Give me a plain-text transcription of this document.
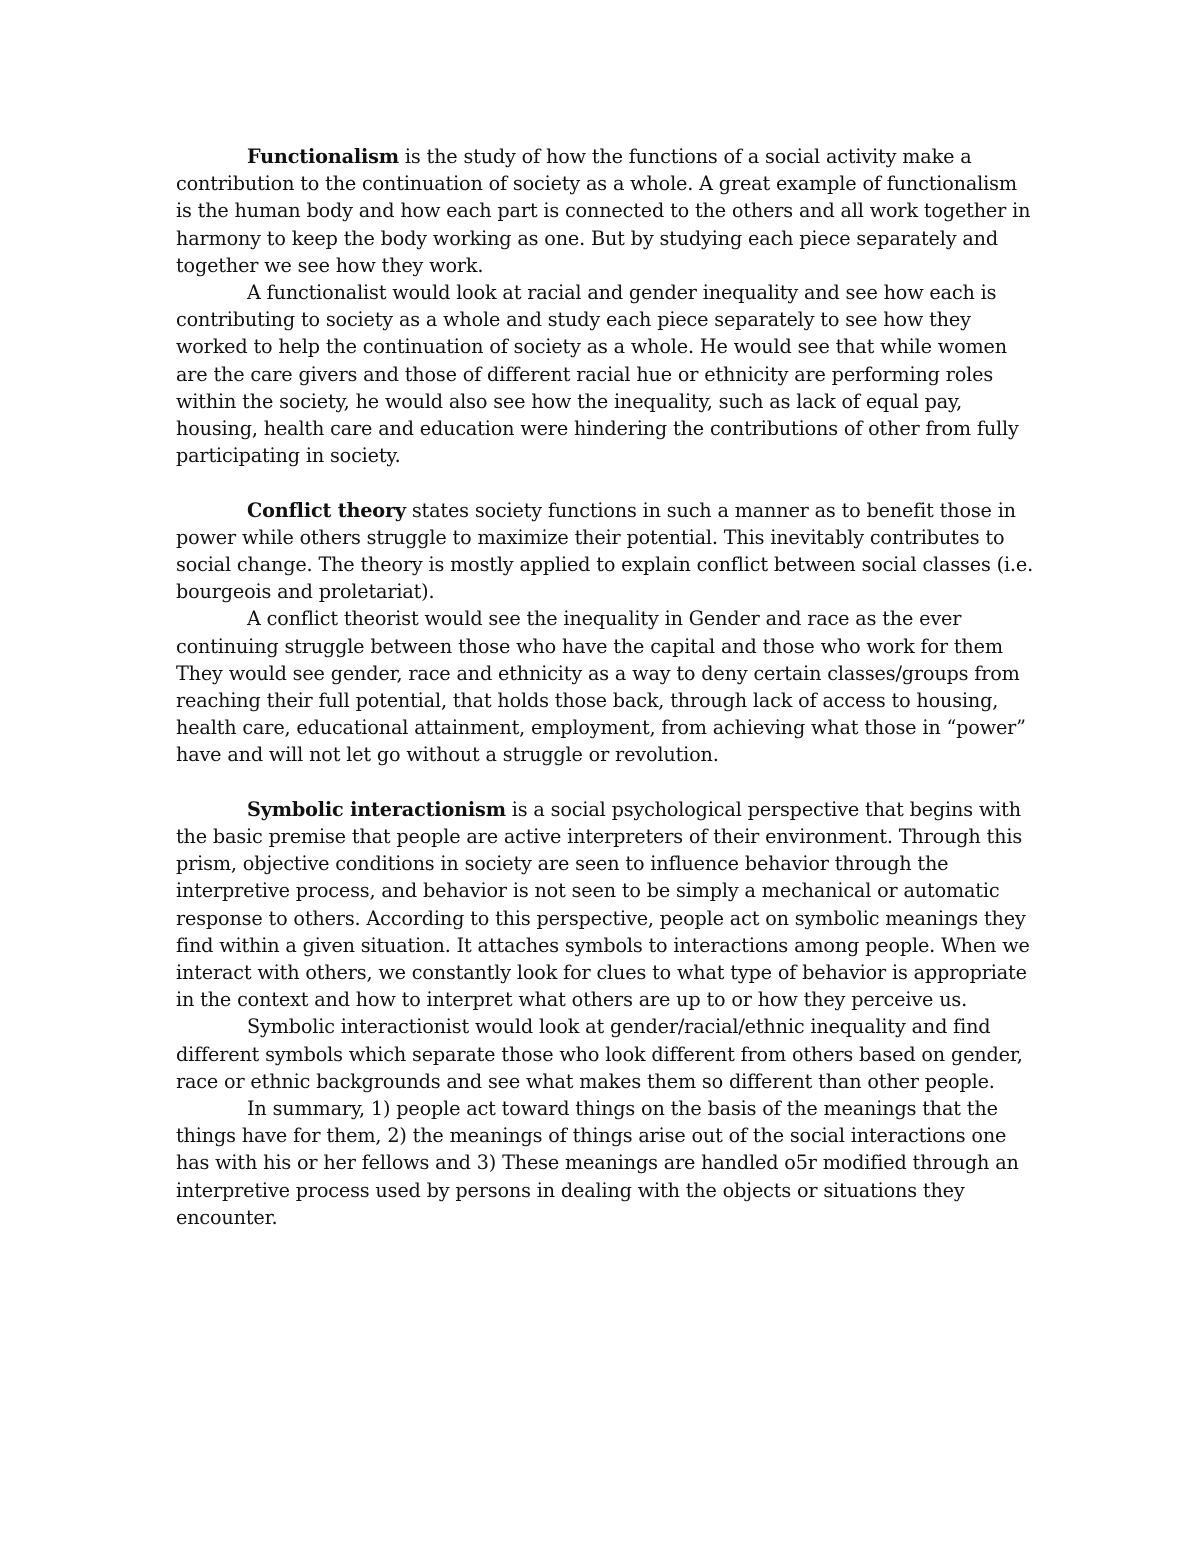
Functionalism is the study of how the functions of a social activity make a contribution to the continuation of society as a whole. A great example of functionalism is the human body and how each part is connected to the others and all work together in harmony to keep the body working as one. But by studying each piece separately and together we see how they work.

A functionalist would look at racial and gender inequality and see how each is contributing to society as a whole and study each piece separately to see how they worked to help the continuation of society as a whole. He would see that while women are the care givers and those of different racial hue or ethnicity are performing roles within the society, he would also see how the inequality, such as lack of equal pay, housing, health care and education were hindering the contributions of other from fully participating in society.

Conflict theory states society functions in such a manner as to benefit those in power while others struggle to maximize their potential. This inevitably contributes to social change. The theory is mostly applied to explain conflict between social classes (i.e. bourgeois and proletariat).

A conflict theorist would see the inequality in Gender and race as the ever continuing struggle between those who have the capital and those who work for them They would see gender, race and ethnicity as a way to deny certain classes/groups from reaching their full potential, that holds those back, through lack of access to housing, health care, educational attainment, employment, from achieving what those in “power” have and will not let go without a struggle or revolution.

Symbolic interactionism is a social psychological perspective that begins with the basic premise that people are active interpreters of their environment. Through this prism, objective conditions in society are seen to influence behavior through the interpretive process, and behavior is not seen to be simply a mechanical or automatic response to others. According to this perspective, people act on symbolic meanings they find within a given situation. It attaches symbols to interactions among people. When we interact with others, we constantly look for clues to what type of behavior is appropriate in the context and how to interpret what others are up to or how they perceive us.

Symbolic interactionist would look at gender/racial/ethnic inequality and find different symbols which separate those who look different from others based on gender, race or ethnic backgrounds and see what makes them so different than other people.

In summary, 1) people act toward things on the basis of the meanings that the things have for them, 2) the meanings of things arise out of the social interactions one has with his or her fellows and 3) These meanings are handled o5r modified through an interpretive process used by persons in dealing with the objects or situations they encounter.
